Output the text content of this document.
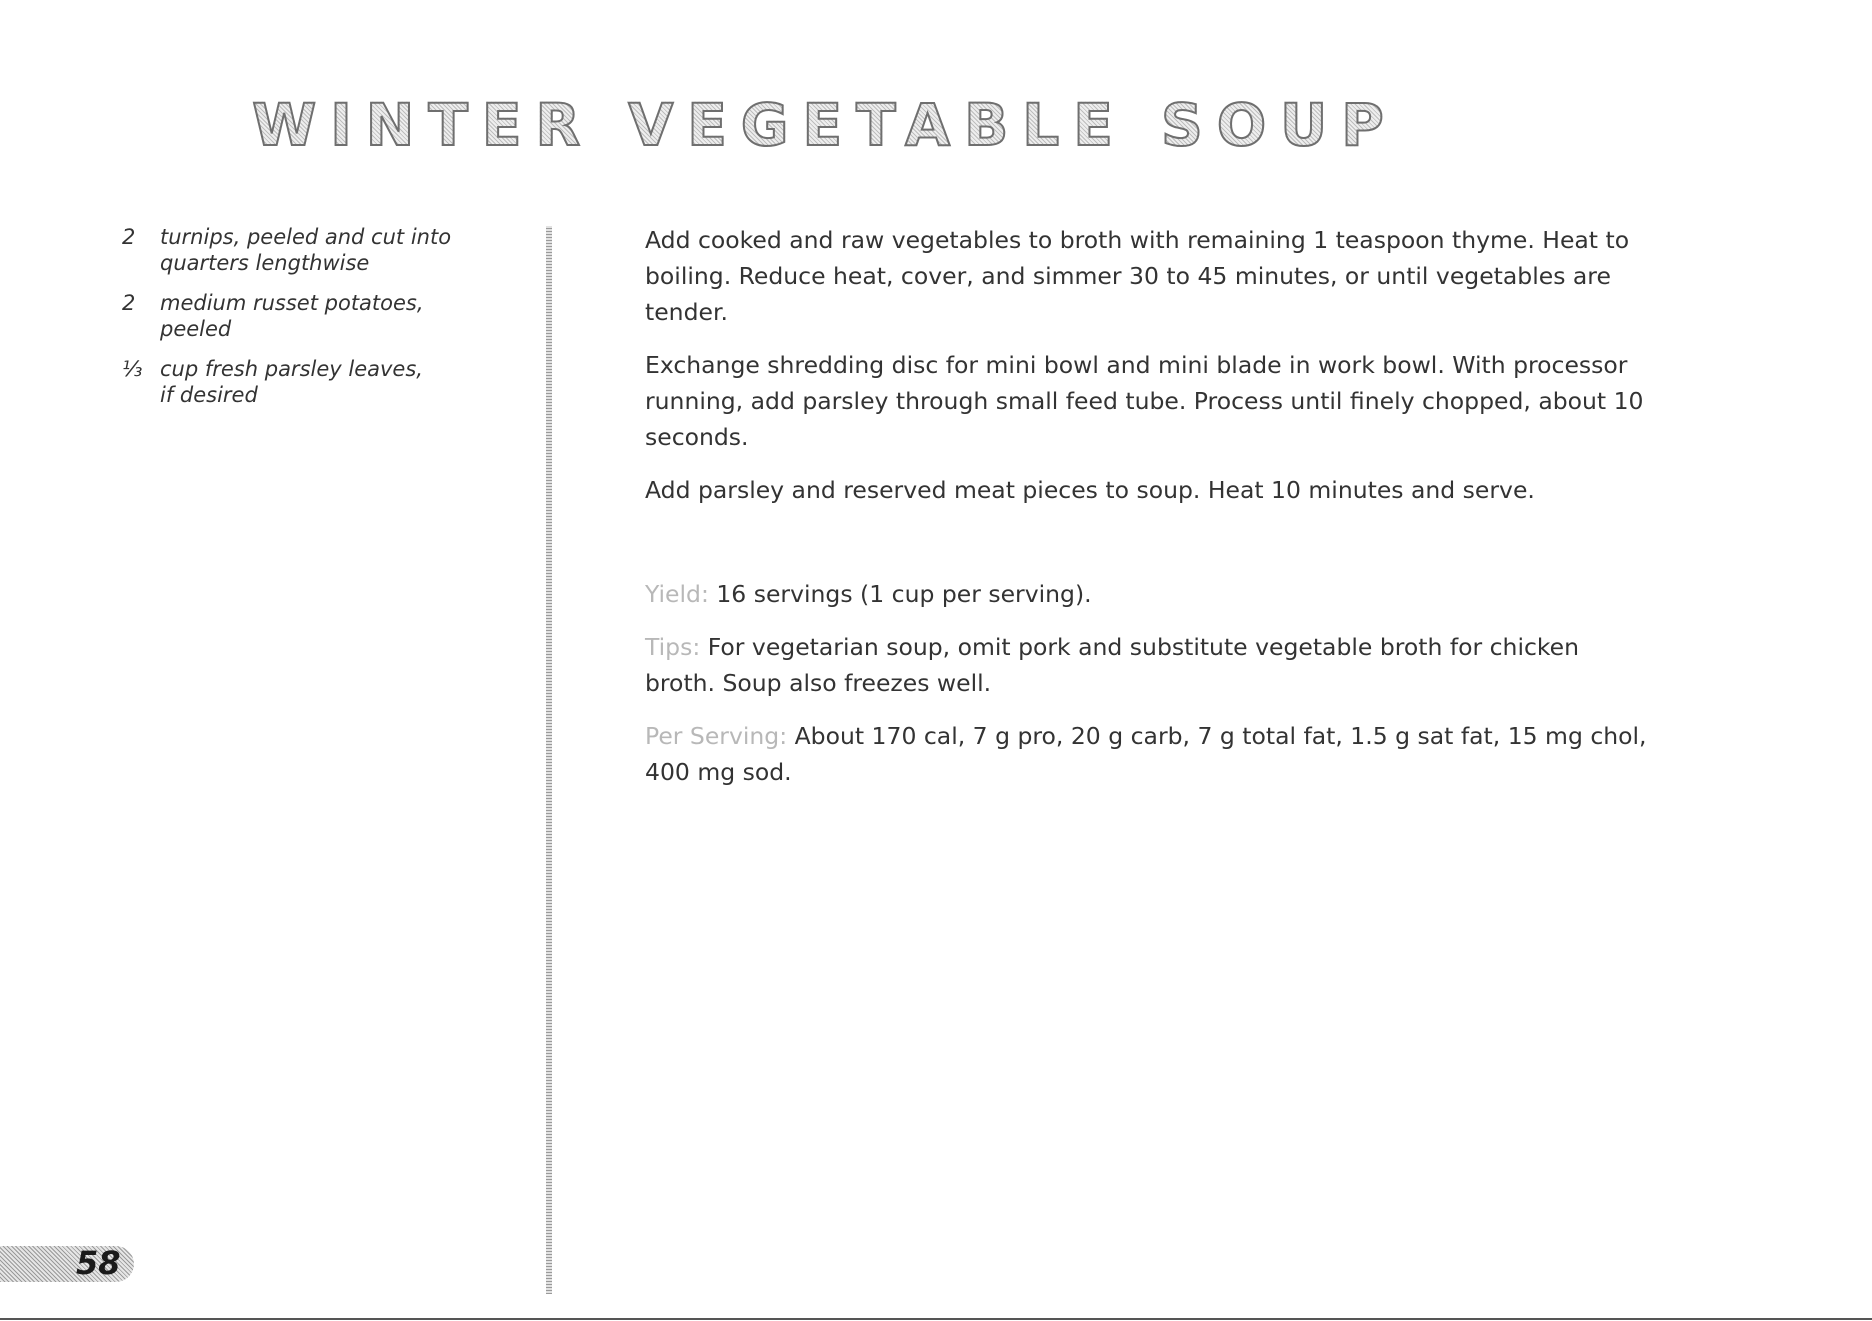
WINTER VEGETABLE SOUP
2	turnips, peeled and cut into
quarters lengthwise
2	medium russet potatoes,
peeled
⅓ cup fresh parsley leaves,
if desired

Add cooked and raw vegetables to broth with remaining 1 teaspoon thyme. Heat to boiling. Reduce heat, cover, and simmer 30 to 45 minutes, or until vegetables are tender.

Exchange shredding disc for mini bowl and mini blade in work bowl. With processor running, add parsley through small feed tube. Process until finely chopped, about 10 seconds.

Add parsley and reserved meat pieces to soup. Heat 10 minutes and serve.

Yield: 16 servings (1 cup per serving).

Tips: For vegetarian soup, omit pork and substitute vegetable broth for chicken broth. Soup also freezes well.

Per Serving: About 170 cal, 7 g pro, 20 g carb, 7 g total fat, 1.5 g sat fat, 15 mg chol, 400 mg sod.

58
